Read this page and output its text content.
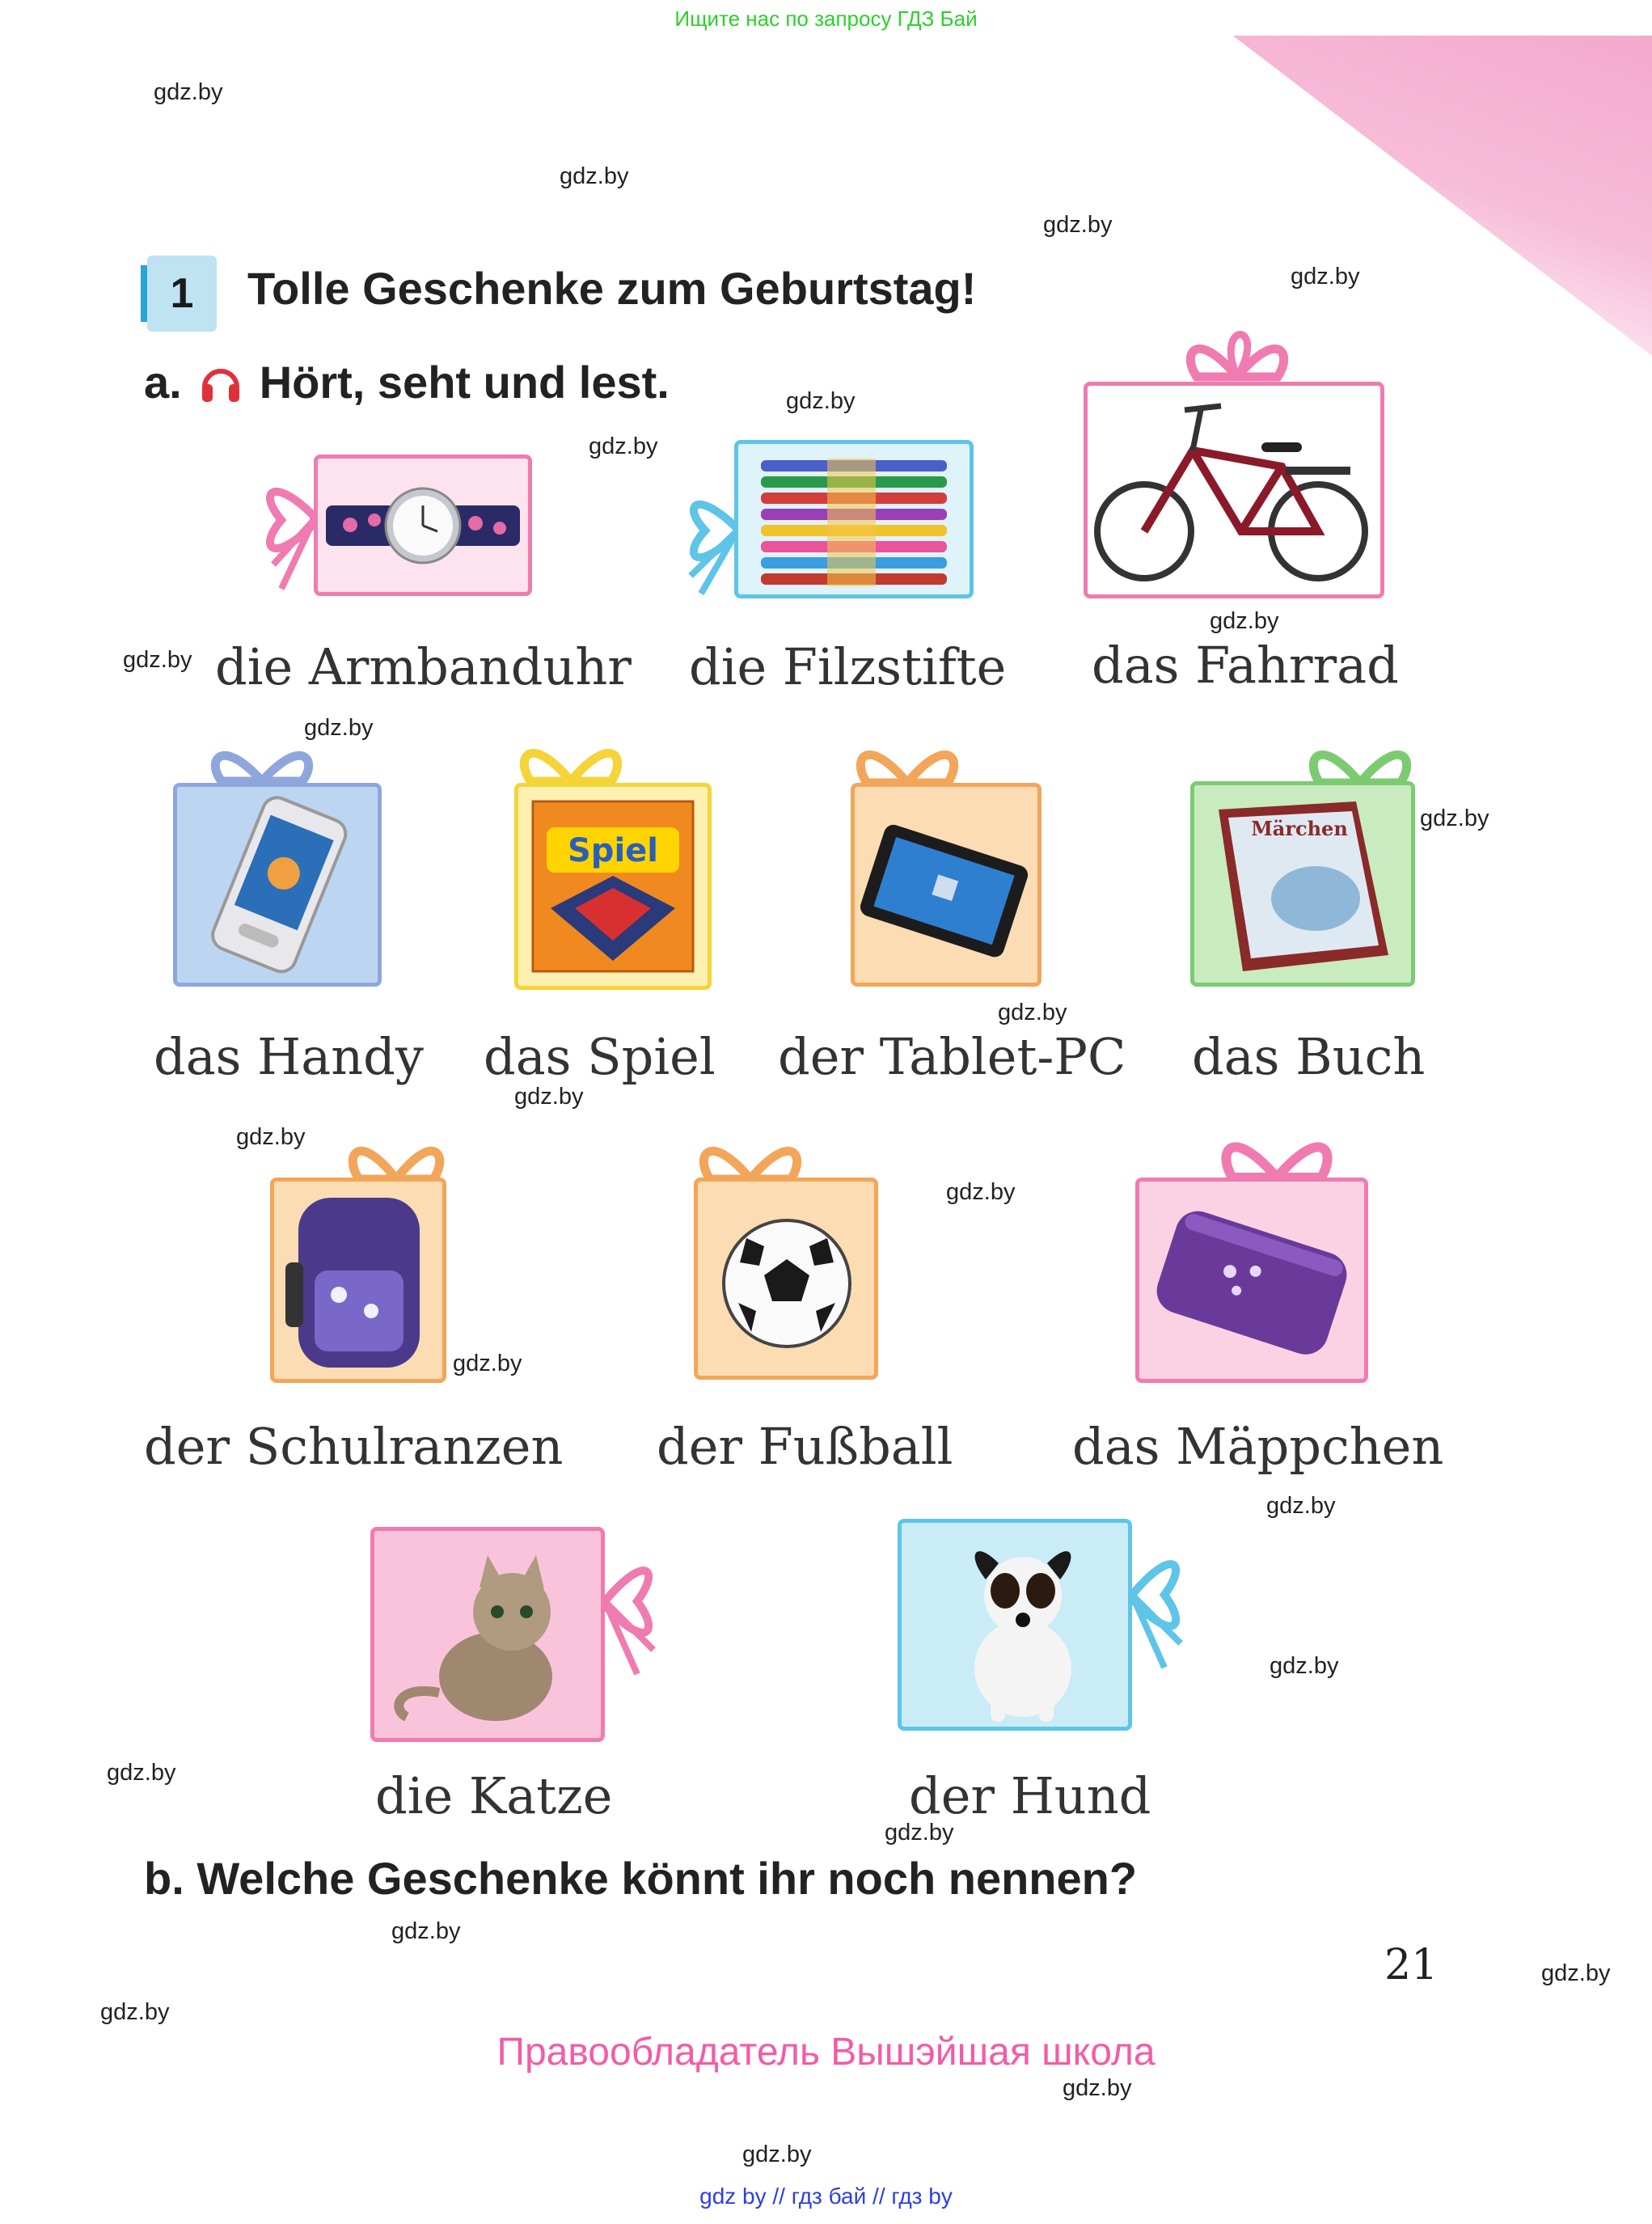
Ищите нас по запросу ГДЗ Бай
gdz.by
gdz.by
gdz.by
gdz.by
gdz.by
gdz.by
gdz.by
gdz.by
gdz.by
gdz.by
gdz.by
gdz.by
gdz.by
gdz.by
gdz.by
gdz.by
gdz.by
gdz.by
gdz.by
gdz.by
gdz.by
gdz.by
gdz.by
gdz.by
1	Tolle Geschenke zum Geburtstag!
a. Hört, seht und lest.
die Armbanduhr die Filzstifte das Fahrrad
das Handy
Spiel
das Spiel der Tablet-PC
Märchen
das Buch
der Schulranzen der Fußball das Mäppchen
die Katze	der Hund
b. Welche Geschenke könnt ihr noch nennen?
21
Правообладатель Вышэйшая школа
gdz by // гдз бай // гдз by
